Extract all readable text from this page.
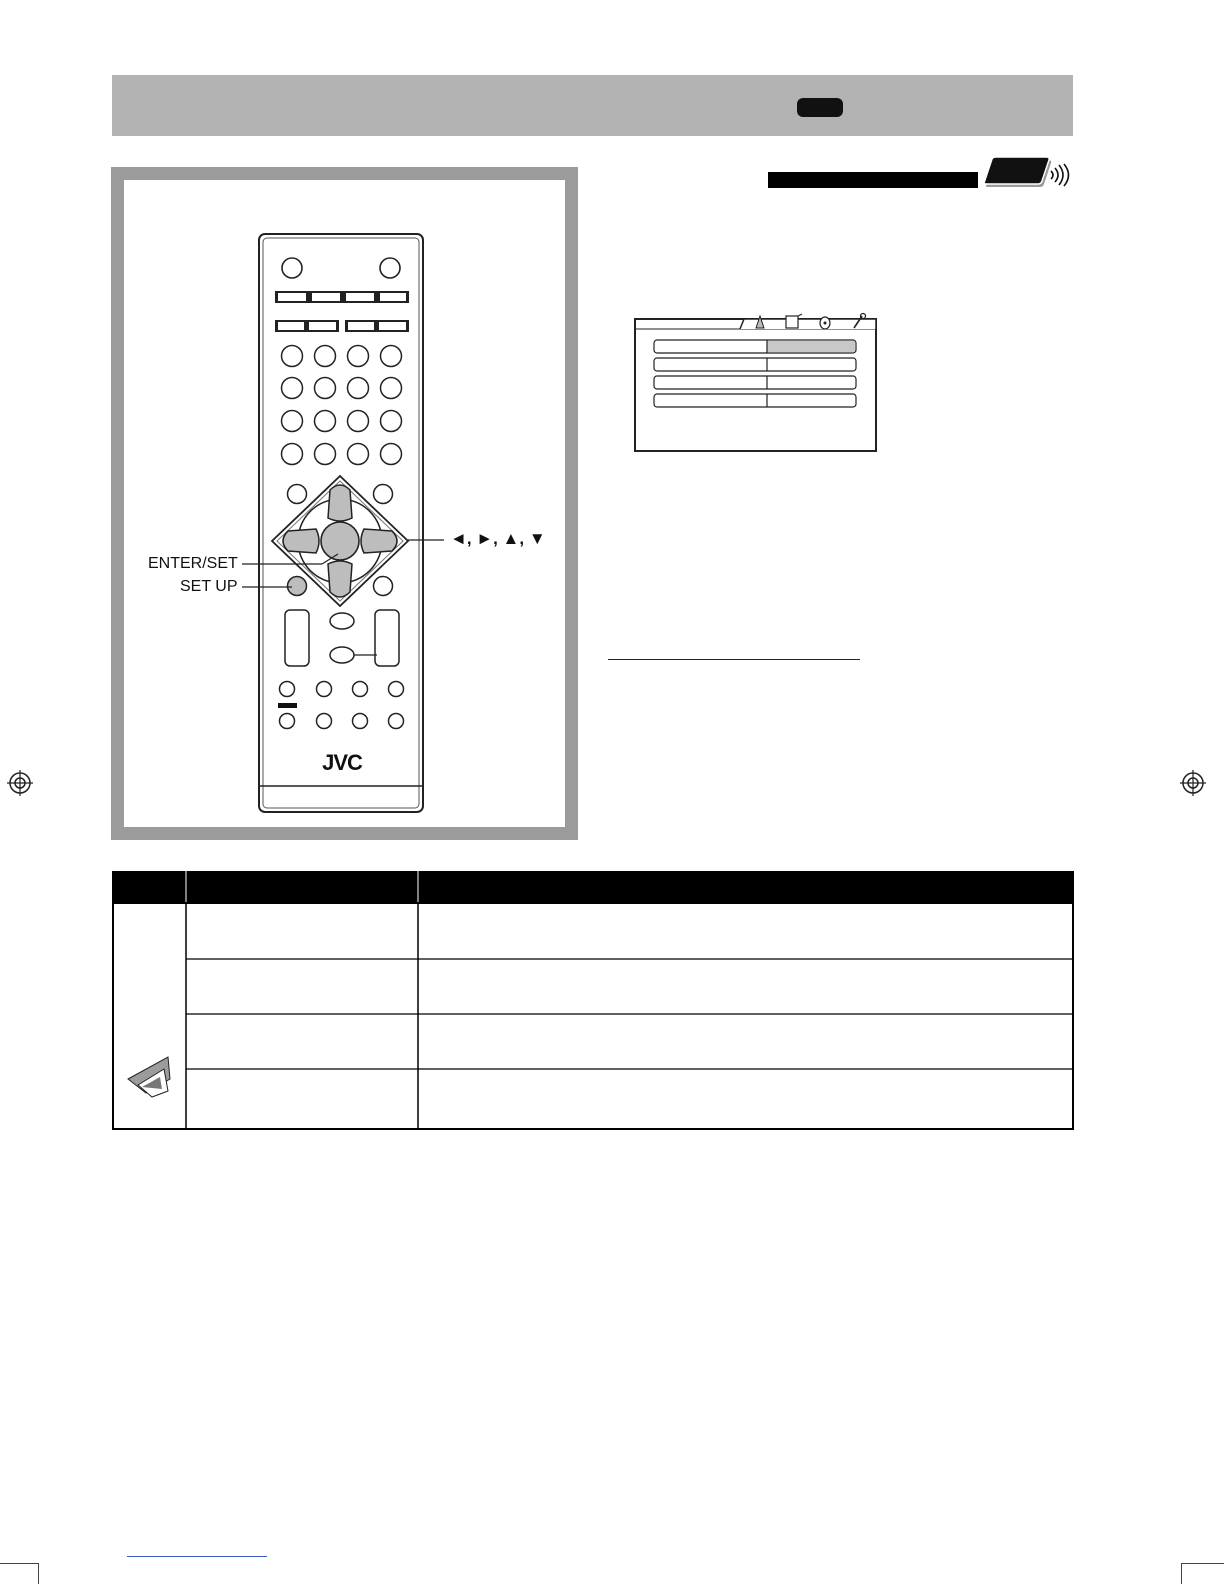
JVC
ENTER/SET
SET UP
◄, ►, ▲, ▼
